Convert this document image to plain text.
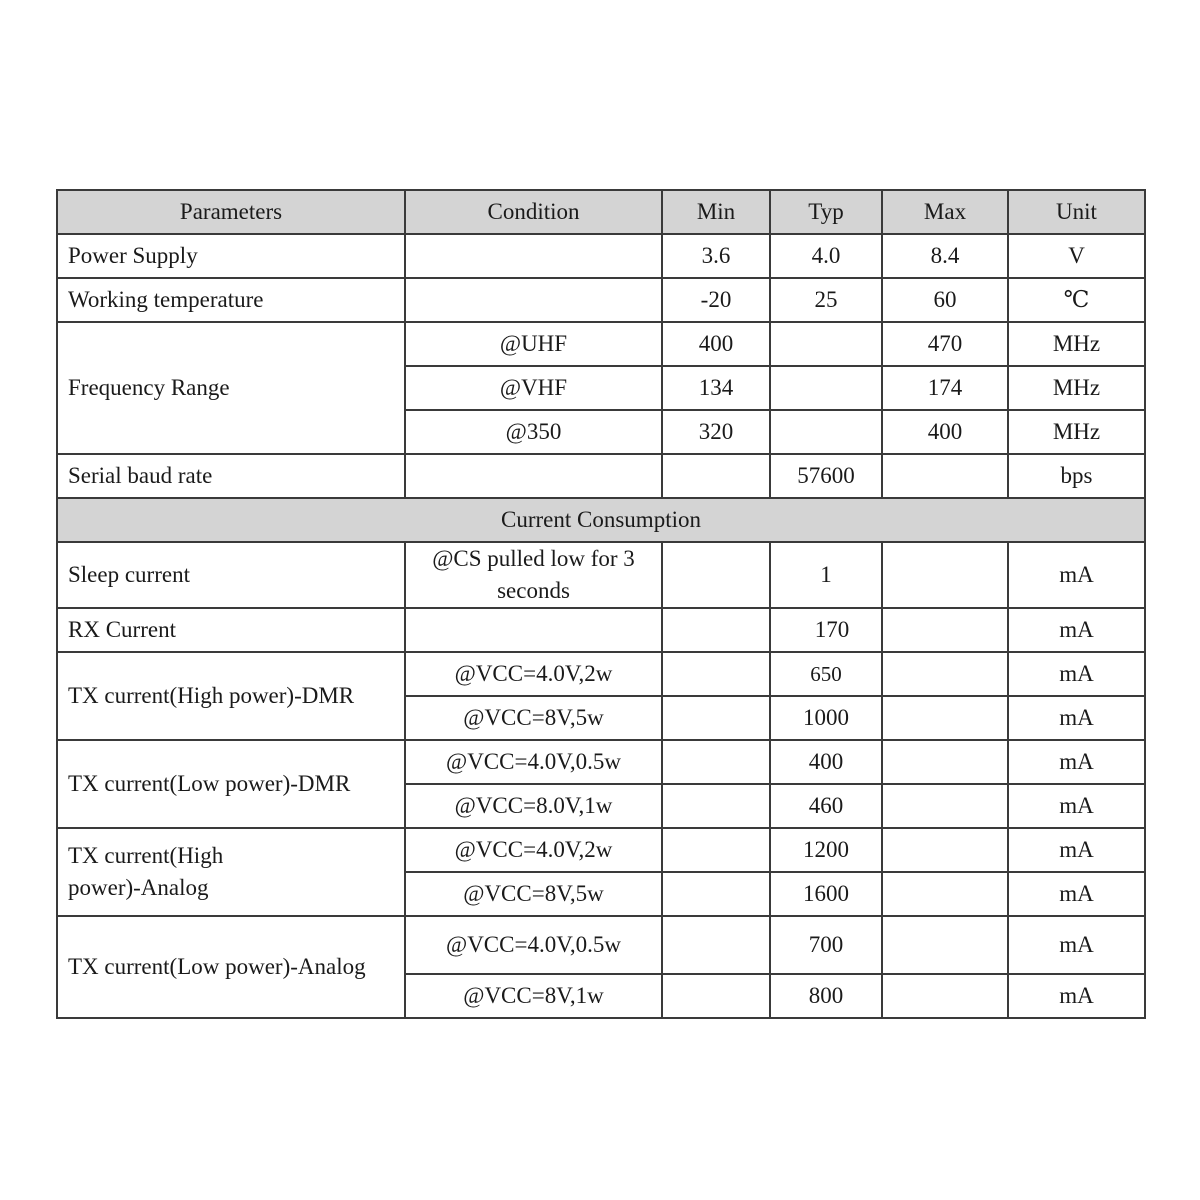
Parameters	Condition	Min	Typ	Max	Unit
Power Supply		3.6	4.0	8.4	V
Working temperature		-20	25	60	℃
Frequency Range	@UHF	400		470	MHz
	@VHF	134		174	MHz
	@350	320		400	MHz
Serial baud rate			57600		bps
Current Consumption					
Sleep current	@CS pulled low for 3 seconds		1		mA
RX Current			170		mA
TX current(High power)-DMR	@VCC=4.0V,2w		650		mA
	@VCC=8V,5w		1000		mA
TX current(Low power)-DMR	@VCC=4.0V,0.5w		400		mA
	@VCC=8.0V,1w		460		mA

TX current(High power)-Analog	@VCC=4.0V,2w		1200		mA
	@VCC=8V,5w		1600		mA
TX current(Low power)-Analog	@VCC=4.0V,0.5w		700		mA
	@VCC=8V,1w		800		mA
